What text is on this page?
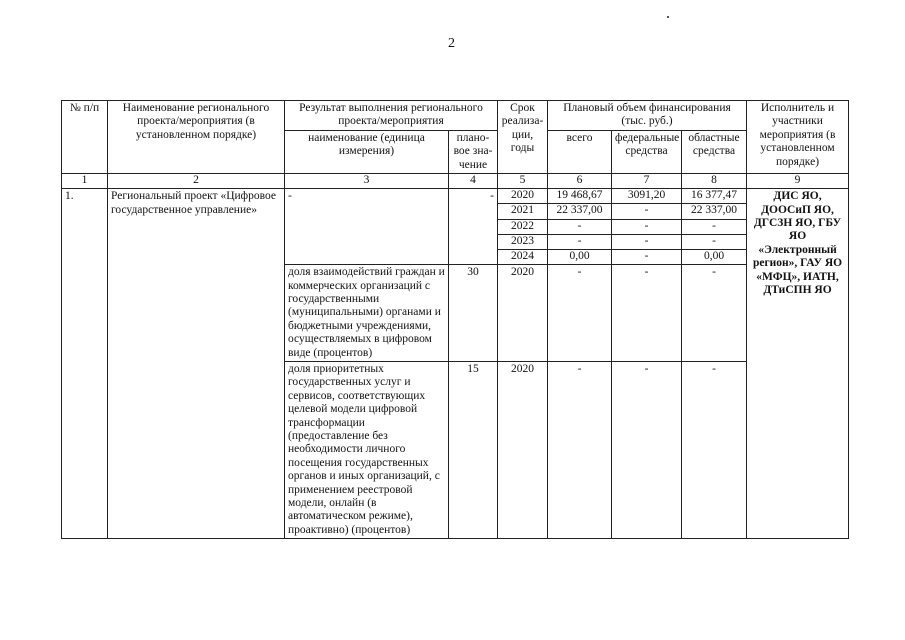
2
№ п/п	Наименование регионального проекта/мероприятия (в установленном порядке)	Результат выполнения регионального проекта/мероприятия		Срок реализа- ции, годы	Плановый объем финансирования (тыс. руб.)			Исполнитель и участники мероприятия (в установленном порядке)
		наименование (единица измерения)	плано- вое зна- чение		всего	федеральные средства	областные средства	
1	2	3	4	5	6	7	8	9
1.	Региональный проект «Цифровое государственное управление»	-	-	2020	19 468,67	3091,20	16 377,47	ДИС ЯО, ДООСиП ЯО, ДГСЗН ЯО, ГБУ ЯО «Электронный регион», ГАУ ЯО «МФЦ», ИАТН, ДТиСПН ЯО
				2021	22 337,00	-	22 337,00	
				2022	-	-	-	
				2023	-	-	-	
				2024	0,00	-	0,00	
		доля взаимодействий граждан и коммерческих организаций с государственными (муниципальными) органами и бюджетными учреждениями, осуществляемых в цифровом виде (процентов)	30	2020	-	-	-	
		доля приоритетных государственных услуг и сервисов, соответствующих целевой модели цифровой трансформации (предоставление без необходимости личного посещения государственных органов и иных организаций, с применением реестровой модели, онлайн (в автоматическом режиме), проактивно) (процентов)	15	2020	-	-	-	
